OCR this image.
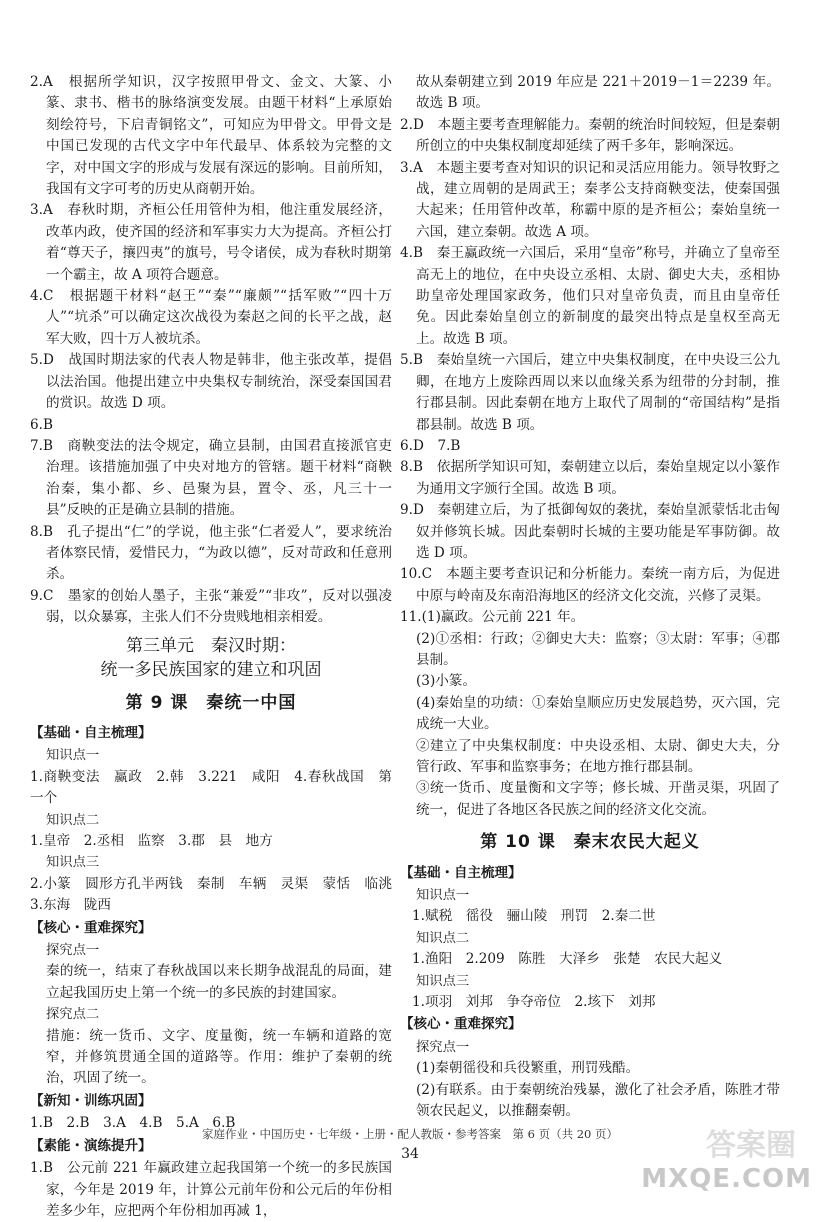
2.A　根据所学知识，汉字按照甲骨文、金文、大篆、小篆、隶书、楷书的脉络演变发展。由题干材料“上承原始刻绘符号，下启青铜铭文”，可知应为甲骨文。甲骨文是中国已发现的古代文字中年代最早、体系较为完整的文字，对中国文字的形成与发展有深远的影响。目前所知，我国有文字可考的历史从商朝开始。

3.A　春秋时期，齐桓公任用管仲为相，他注重发展经济，改革内政，使齐国的经济和军事实力大为提高。齐桓公打着“尊天子，攘四夷”的旗号，号令诸侯，成为春秋时期第一个霸主，故 A 项符合题意。

4.C　根据题干材料“赵王”“秦”“廉颇”“括军败”“四十万人”“坑杀”可以确定这次战役为秦赵之间的长平之战，赵军大败，四十万人被坑杀。

5.D　战国时期法家的代表人物是韩非，他主张改革，提倡以法治国。他提出建立中央集权专制统治，深受秦国国君的赏识。故选 D 项。

6.B

7.B　商鞅变法的法令规定，确立县制，由国君直接派官吏治理。该措施加强了中央对地方的管辖。题干材料“商鞅治秦，集小都、乡、邑聚为县，置令、丞，凡三十一县”反映的正是确立县制的措施。

8.B　孔子提出“仁”的学说，他主张“仁者爱人”，要求统治者体察民情，爱惜民力，“为政以德”，反对苛政和任意刑杀。

9.C　墨家的创始人墨子，主张“兼爱”“非攻”，反对以强凌弱，以众暴寡，主张人们不分贵贱地相亲相爱。

第三单元　秦汉时期：
统一多民族国家的建立和巩固
第 9 课　秦统一中国
【基础・自主梳理】
知识点一

1.商鞅变法　赢政　2.韩　3.221　咸阳　4.春秋战国　第一个

知识点二

1.皇帝　2.丞相　监察　3.郡　县　地方

知识点三

2.小篆　圆形方孔半两钱　秦制　车辆　灵渠　蒙恬　临洮　3.东海　陇西

【核心・重难探究】
探究点一

秦的统一，结束了春秋战国以来长期争战混乱的局面，建立起我国历史上第一个统一的多民族的封建国家。

探究点二

措施：统一货币、文字、度量衡，统一车辆和道路的宽窄，并修筑贯通全国的道路等。作用：维护了秦朝的统治，巩固了统一。

【新知・训练巩固】

1.B　2.B　3.A　4.B　5.A　6.B

【素能・演练提升】

1.B　公元前 221 年赢政建立起我国第一个统一的多民族国家，今年是 2019 年，计算公元前年份和公元后的年份相差多少年，应把两个年份相加再减 1，

故从秦朝建立到 2019 年应是 221＋2019－1＝2239 年。故选 B 项。

2.D　本题主要考查理解能力。秦朝的统治时间较短，但是秦朝所创立的中央集权制度却延续了两千多年，影响深远。

3.A　本题主要考查对知识的识记和灵活应用能力。领导牧野之战，建立周朝的是周武王；秦孝公支持商鞅变法，使秦国强大起来；任用管仲改革，称霸中原的是齐桓公；秦始皇统一六国，建立秦朝。故选 A 项。

4.B　秦王赢政统一六国后，采用“皇帝”称号，并确立了皇帝至高无上的地位，在中央设立丞相、太尉、御史大夫，丞相协助皇帝处理国家政务，他们只对皇帝负责，而且由皇帝任免。因此秦始皇创立的新制度的最突出特点是皇权至高无上。故选 B 项。

5.B　秦始皇统一六国后，建立中央集权制度，在中央设三公九卿，在地方上废除西周以来以血缘关系为纽带的分封制，推行郡县制。因此秦朝在地方上取代了周制的“帝国结构”是指郡县制。故选 B 项。

6.D　7.B

8.B　依据所学知识可知，秦朝建立以后，秦始皇规定以小篆作为通用文字颁行全国。故选 B 项。

9.D　秦朝建立后，为了抵御匈奴的袭扰，秦始皇派蒙恬北击匈奴并修筑长城。因此秦朝时长城的主要功能是军事防御。故选 D 项。

10.C　本题主要考查识记和分析能力。秦统一南方后，为促进中原与岭南及东南沿海地区的经济文化交流，兴修了灵渠。

11.(1)赢政。公元前 221 年。

(2)①丞相：行政；②御史大夫：监察；③太尉：军事；④郡县制。

(3)小篆。

(4)秦始皇的功绩：①秦始皇顺应历史发展趋势，灭六国，完成统一大业。

②建立了中央集权制度：中央设丞相、太尉、御史大夫，分管行政、军事和监察事务；在地方推行郡县制。

③统一货币、度量衡和文字等；修长城、开凿灵渠，巩固了统一，促进了各地区各民族之间的经济文化交流。

第 10 课　秦末农民大起义
【基础・自主梳理】
知识点一

1.赋税　徭役　骊山陵　刑罚　2.秦二世

知识点二

1.渔阳　2.209　陈胜　大泽乡　张楚　农民大起义

知识点三

1.项羽　刘邦　争夺帝位　2.垓下　刘邦

【核心・重难探究】
探究点一

(1)秦朝徭役和兵役繁重，刑罚残酷。

(2)有联系。由于秦朝统治残暴，激化了社会矛盾，陈胜才带领农民起义，以推翻秦朝。

家庭作业・中国历史・七年级・上册・配人教版・参考答案　第 6 页（共 20 页）
34	答案圈
MXQE.COM
